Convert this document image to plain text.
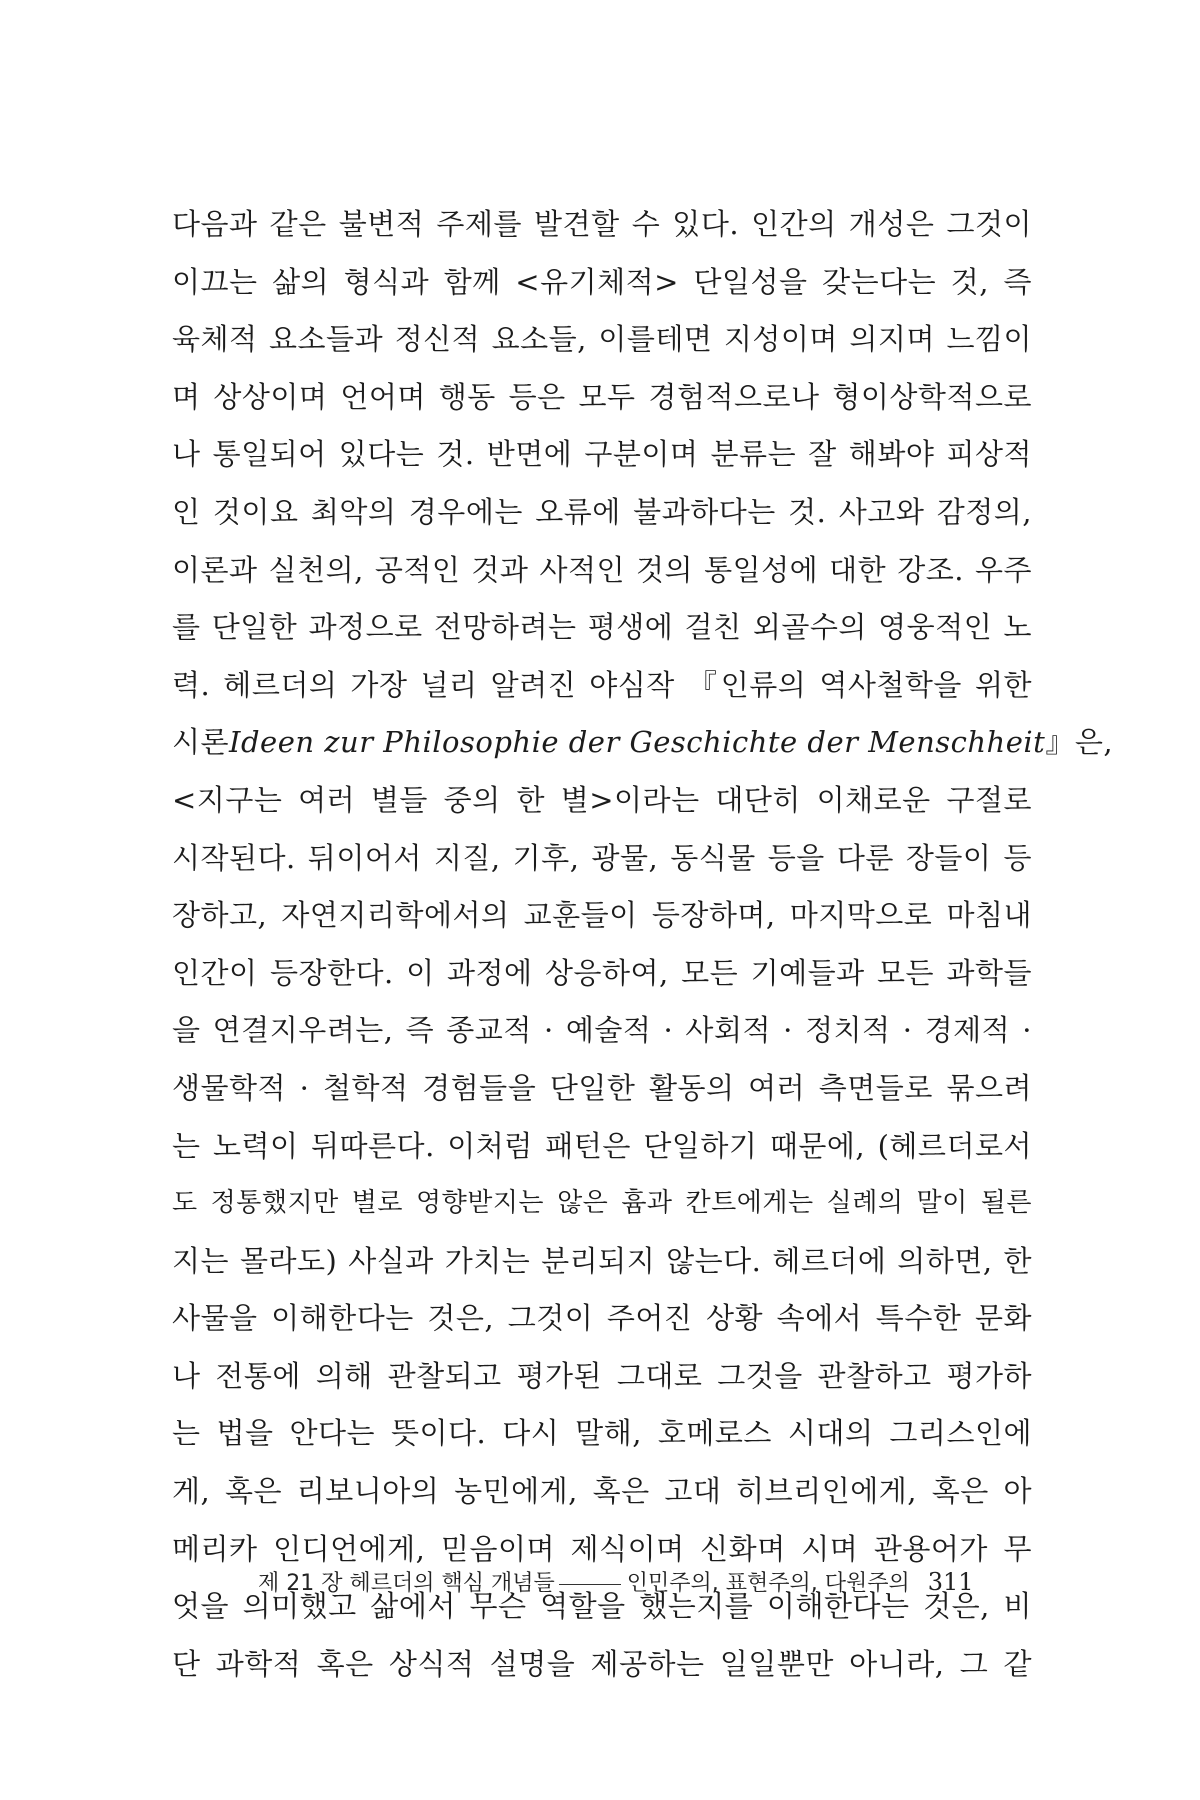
다음과 같은 불변적 주제를 발견할 수 있다. 인간의 개성은 그것이
이끄는 삶의 형식과 함께 <유기체적> 단일성을 갖는다는 것, 즉
육체적 요소들과 정신적 요소들, 이를테면 지성이며 의지며 느낌이
며 상상이며 언어며 행동 등은 모두 경험적으로나 형이상학적으로
나 통일되어 있다는 것. 반면에 구분이며 분류는 잘 해봐야 피상적
인 것이요 최악의 경우에는 오류에 불과하다는 것. 사고와 감정의,
이론과 실천의, 공적인 것과 사적인 것의 통일성에 대한 강조. 우주
를 단일한 과정으로 전망하려는 평생에 걸친 외골수의 영웅적인 노
력. 헤르더의 가장 널리 알려진 야심작 『인류의 역사철학을 위한
시론Ideen zur Philosophie der Geschichte der Menschheit』은,
<지구는 여러 별들 중의 한 별>이라는 대단히 이채로운 구절로
시작된다. 뒤이어서 지질, 기후, 광물, 동식물 등을 다룬 장들이 등
장하고, 자연지리학에서의 교훈들이 등장하며, 마지막으로 마침내
인간이 등장한다. 이 과정에 상응하여, 모든 기예들과 모든 과학들
을 연결지우려는, 즉 종교적 · 예술적 · 사회적 · 정치적 · 경제적 ·
생물학적 · 철학적 경험들을 단일한 활동의 여러 측면들로 묶으려
는 노력이 뒤따른다. 이처럼 패턴은 단일하기 때문에, (헤르더로서
도 정통했지만 별로 영향받지는 않은 흄과 칸트에게는 실례의 말이 될른
지는 몰라도) 사실과 가치는 분리되지 않는다. 헤르더에 의하면, 한
사물을 이해한다는 것은, 그것이 주어진 상황 속에서 특수한 문화
나 전통에 의해 관찰되고 평가된 그대로 그것을 관찰하고 평가하
는 법을 안다는 뜻이다. 다시 말해, 호메로스 시대의 그리스인에
게, 혹은 리보니아의 농민에게, 혹은 고대 히브리인에게, 혹은 아
메리카 인디언에게, 믿음이며 제식이며 신화며 시며 관용어가 무
엇을 의미했고 삶에서 무슨 역할을 했는지를 이해한다는 것은, 비
단 과학적 혹은 상식적 설명을 제공하는 일일뿐만 아니라, 그 같
제 21 장 헤르더의 핵심 개념들	인민주의, 표현주의, 다원주의 311
